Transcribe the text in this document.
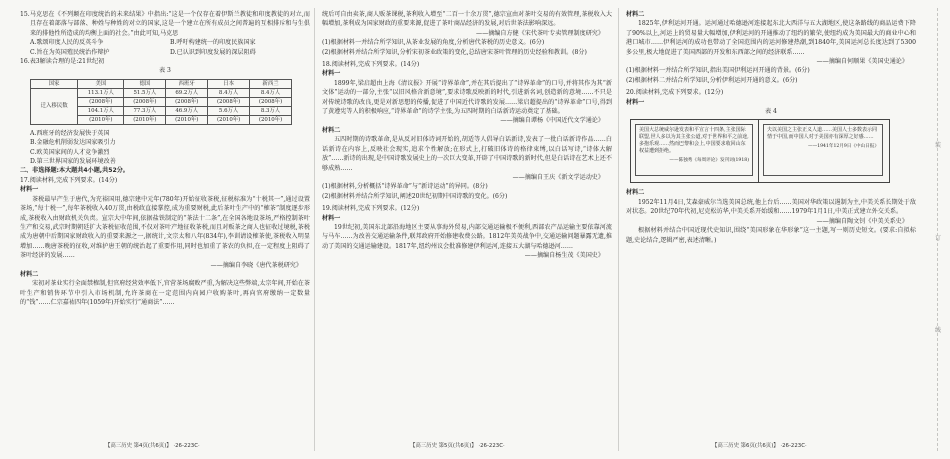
装
订
线

15.马克思在《不列颠在印度统治的未来结果》中指出:“这是一个仅存在着伊斯兰教徒和印度教徒的对立,而且存在着部落与部落、种姓与种姓的对立的国家,这是一个建立在所有成员之间普遍的互相排斥和与生俱来的排他性所造成的均衡上面的社会。”由此可知,马克思

A.歌颂印度人民的反英斗争	B.呼吁构建统一的印度民族国家
C.旨在为英国殖民统治作辩护	D.已认识到印度发展的深层阻碍

16.表3解读合理的是:21世纪初

表 3

国家	美国	德国	西班牙	日本	新西兰
迁入移民数	113.1万人	51.5万人	69.2万人	8.4万人	8.4万人
	(2008年)	(2008年)	(2008年)	(2008年)	(2008年)
	104.1万人	77.3万人	46.9万人	5.6万人	8.3万人
	(2010年)	(2010年)	(2010年)	(2010年)	(2010年)
A.西班牙的经济发展快于英国
B.金融危机削弱发达国家吸引力
C.欧美国家间的人才竞争激烈
D.第三世界国家的发展环境改善

二、非选择题:本大题共4小题,共52分。

17.阅读材料,完成下列要求。(14分)

材料一

茶税最早产生于唐代,为充裕国用,德宗建中元年(780年)开始征收茶税,征税标准为“十税其一”,通过设置茶场,“每十税一”,每年茶税收入40万贯,由税政直接掌控,成为重要财税,此后茶叶生产中的“榷茶”制度逐步形成,茶税收入由财政机关负责。宣宗大中年间,依据盐铁制定的“茶法十二条”,在全国各地设茶场,严格控制茶叶生产和交易,武宗时期朝廷扩大茶税征收范围,不仅对茶叶产地征收茶税,而且对贩茶之商人也征收过境税,茶税成为唐朝中后期国家财政收入的重要来源之一,据统计,文宗太和八年(834年),李训请设榷茶使,茶税收入明显增加……晚唐茶税的征收,对维护唐王朝的统治起了重要作用,同时也加重了茶农的负担,在一定程度上阻碍了茶叶经济的发展……

——摘编自李晓《唐代茶税研究》

材料二

宋初对茶业实行全面禁榷制,但官府经营效率低下,官营茶场腐败严重,为解决这些弊端,太宗年间,开始在茶叶生产和销售环节中引入市场机制,允许茶商在一定范围内向园户收购茶叶,再向官府缴纳一定数量的“钱”……仁宗嘉祐四年(1059年)开始实行“通商法”……

【高三历史 第4页(共6页)】 ·26-223C·

统后可自由卖茶,商人贩茶课税,茶利收入增至“二百一十余万贯”,德宗宣由对茶叶交易的有效管理,茶税收入大幅增加,茶利成为国家财政的重要来源,促进了茶叶商品经济的发展,对后世茶法影响深远。

——摘编自方健《宋代茶叶专卖管理制度研究》

(1)根据材料一并结合所学知识,从茶业发展的角度,分析唐代茶税的历史意义。(6分)

(2)根据材料并结合所学知识,分析宋初茶业政策的变化,总结唐宋茶叶管理的历史经验和教训。(8分)

18.阅读材料,完成下列要求。(14分)

材料一

1899年,梁启超由上海《清议报》开展“诗界革命”,并在其后提出了“诗界革命”的口号,并将其作为其“新文体”运动的一部分,主张“以旧风格含新意境”,要求诗歌反映新的时代,引进新名词,创造新的意境……不只是对传统诗歌的改良,更是对新思想的传播,促进了中国近代诗歌的发展……梁启超提出的“诗界革命”口号,得到了黄遵宪等人的积极响应,“诗界革命”的诗学主张,为五四时期的白话新诗运动奠定了基础。

——摘编自谭杨《中国近代文学通论》

材料二

五四时期的诗歌革命,是从反对旧体诗词开始的,胡适等人倡导白话新诗,发表了一批白话新诗作品……白话新诗在内容上,反映社会现实,追求个性解放;在形式上,打破旧体诗的格律束缚,以白话写诗,“诗体大解放”……新诗的出现,是中国诗歌发展史上的一次巨大变革,开辟了中国诗歌的新时代,但是白话诗在艺术上还不够成熟……

——摘编自王庆《新文学运动史》

(1)根据材料,分析概括“诗界革命”与“新诗运动”的异同。(8分)

(2)根据材料并结合所学知识,阐述20世纪初期中国诗歌的变化。(6分)

19.阅读材料,完成下列要求。(12分)

材料一

19世纪初,美国东北部沿海地区主要从事海外贸易,内部交通运输极不便利,西部农产品运输主要依靠河流与马车……为改善交通运输条件,联邦政府开始修建收费公路。1812年美英战争中,交通运输问题暴露无遗,推动了美国的交通运输建设。1817年,纽约州议会批准修建伊利运河,连接五大湖与哈德逊河……

——摘编自杨生茂《美国史》

【高三历史 第5页(共6页)】 ·26-223C·

材料二

1825年,伊利运河开通。运河通过哈德逊河连接起东北大西洋与五大湖地区,使这条路线的商品运费下降了90%以上,河运上的贸易量大幅增加,伊利运河的开通推动了纽约的繁荣,使纽约成为美国最大的商业中心和港口城市……伊利运河的成功也带动了全国范围内的运河修建热潮,到1840年,美国运河总长度达到了5300多公里,极大地促进了美国西部的开发和东西部之间的经济联系……

——摘编自何顺果《美国史通论》

(1)根据材料一并结合所学知识,指出美国伊利运河开通的背景。(6分)

(2)根据材料二并结合所学知识,分析伊利运河开通的意义。(6分)

20.阅读材料,完成下列要求。(12分)

材料一

表 4

美国大总统威尔逊发表和平宣言十四条,主张国际联盟,世人多以为其主张公道,对于世界和平之前途,多抱乐观……然而巴黎和会上,中国要求收回山东权益遭到拒绝。
——陈独秀《每周评论》发刊词(1918)
夫以美国之主张正义人道……美国人士多数表示同情于中国,而中国人对于美国亦有深厚之好感……
——1941年12月9日《中山日报》

材料二

1952年11月4日,艾森豪威尔当选美国总统,他上台后……美国对华政策以遏制为主,中美关系长期处于敌对状态。20世纪70年代初,尼克松访华,中美关系开始缓和……1979年1月1日,中美正式建立外交关系。

——摘编自陶文钊《中美关系史》

根据材料并结合中国近现代史知识,围绕“美国形象在华形象”这一主题,写一则历史短文。(要求:自拟标题,史论结合,逻辑严密,表述清晰。)

【高三历史 第6页(共6页)】 ·26-223C·
